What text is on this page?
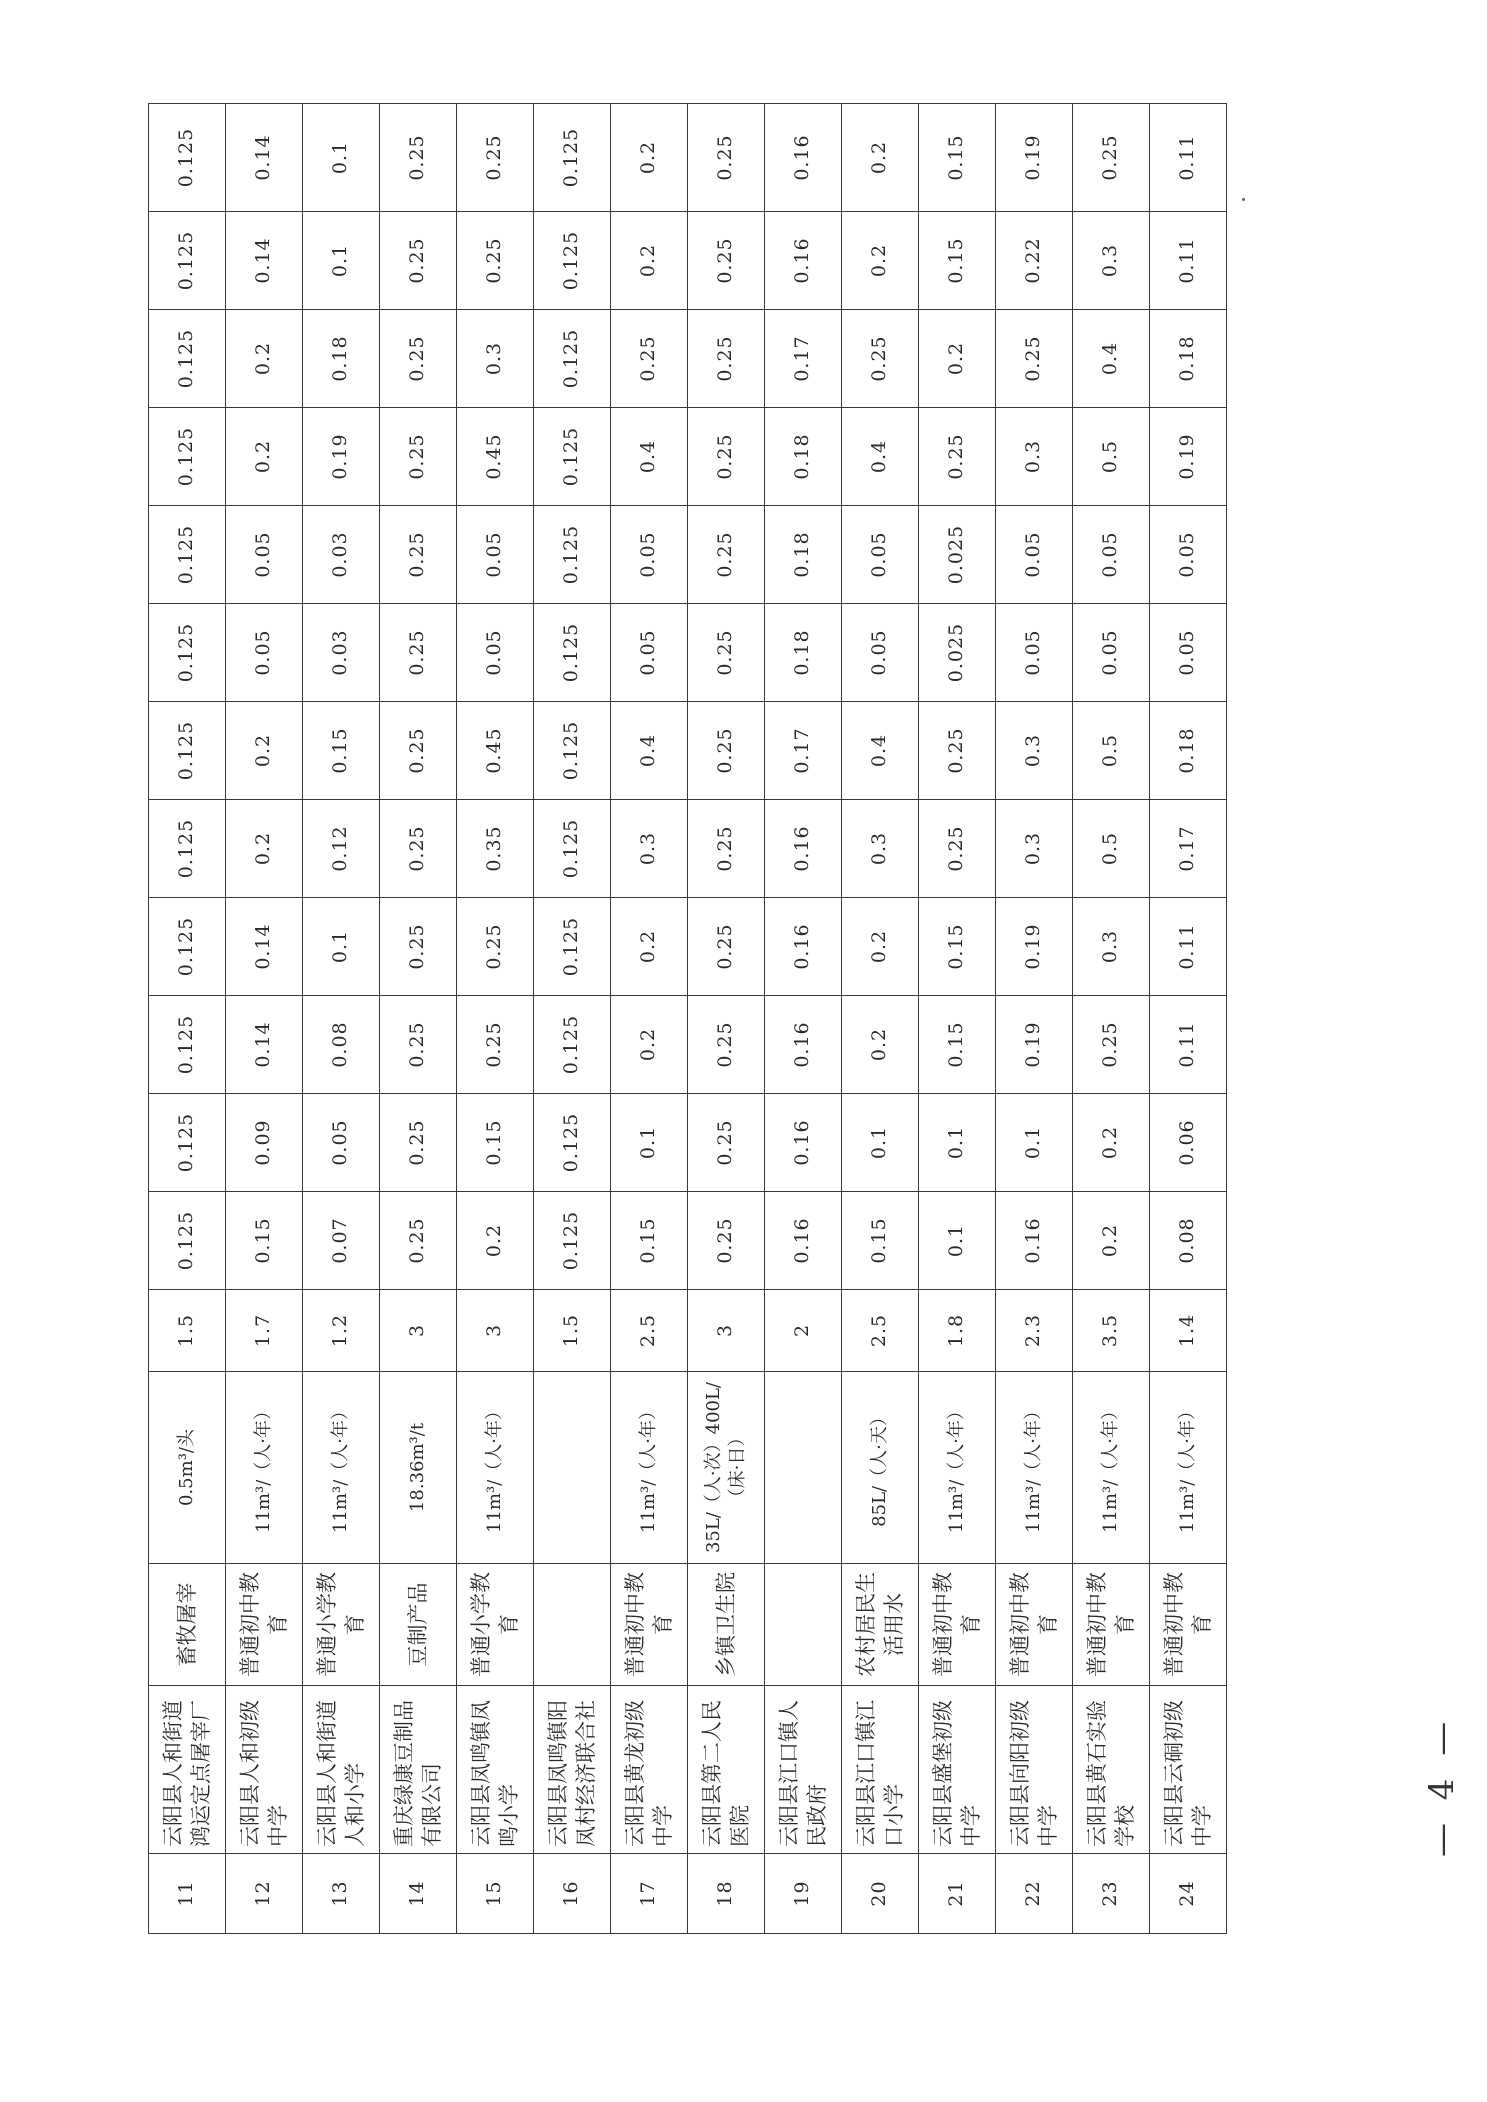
11	云阳县人和街道鸿运定点屠宰厂	畜牧屠宰	0.5m³/头	1.5	0.125	0.125	0.125	0.125	0.125	0.125	0.125	0.125	0.125	0.125	0.125	0.125
12	云阳县人和初级中学	普通初中教育	11m³/（人·年）	1.7	0.15	0.09	0.14	0.14	0.2	0.2	0.05	0.05	0.2	0.2	0.14	0.14
13	云阳县人和街道人和小学	普通小学教育	11m³/（人·年）	1.2	0.07	0.05	0.08	0.1	0.12	0.15	0.03	0.03	0.19	0.18	0.1	0.1
14	重庆绿康豆制品有限公司	豆制产品	18.36m³/t	3	0.25	0.25	0.25	0.25	0.25	0.25	0.25	0.25	0.25	0.25	0.25	0.25
15	云阳县凤鸣镇凤鸣小学	普通小学教育	11m³/（人·年）	3	0.2	0.15	0.25	0.25	0.35	0.45	0.05	0.05	0.45	0.3	0.25	0.25
16	云阳县凤鸣镇阳凤村经济联合社			1.5	0.125	0.125	0.125	0.125	0.125	0.125	0.125	0.125	0.125	0.125	0.125	0.125
17	云阳县黄龙初级中学	普通初中教育	11m³/（人·年）	2.5	0.15	0.1	0.2	0.2	0.3	0.4	0.05	0.05	0.4	0.25	0.2	0.2
18	云阳县第二人民医院	乡镇卫生院	35L/（人·次）400L/（床·日）	3	0.25	0.25	0.25	0.25	0.25	0.25	0.25	0.25	0.25	0.25	0.25	0.25
19	云阳县江口镇人民政府			2	0.16	0.16	0.16	0.16	0.16	0.17	0.18	0.18	0.18	0.17	0.16	0.16
20	云阳县江口镇江口小学	农村居民生活用水	85L/（人·天）	2.5	0.15	0.1	0.2	0.2	0.3	0.4	0.05	0.05	0.4	0.25	0.2	0.2
21	云阳县盛堡初级中学	普通初中教育	11m³/（人·年）	1.8	0.1	0.1	0.15	0.15	0.25	0.25	0.025	0.025	0.25	0.2	0.15	0.15
22	云阳县向阳初级中学	普通初中教育	11m³/（人·年）	2.3	0.16	0.1	0.19	0.19	0.3	0.3	0.05	0.05	0.3	0.25	0.22	0.19
23	云阳县黄石实验学校	普通初中教育	11m³/（人·年）	3.5	0.2	0.2	0.25	0.3	0.5	0.5	0.05	0.05	0.5	0.4	0.3	0.25
24	云阳县云硐初级中学	普通初中教育	11m³/（人·年）	1.4	0.08	0.06	0.11	0.11	0.17	0.18	0.05	0.05	0.19	0.18	0.11	0.11
— 4 —
